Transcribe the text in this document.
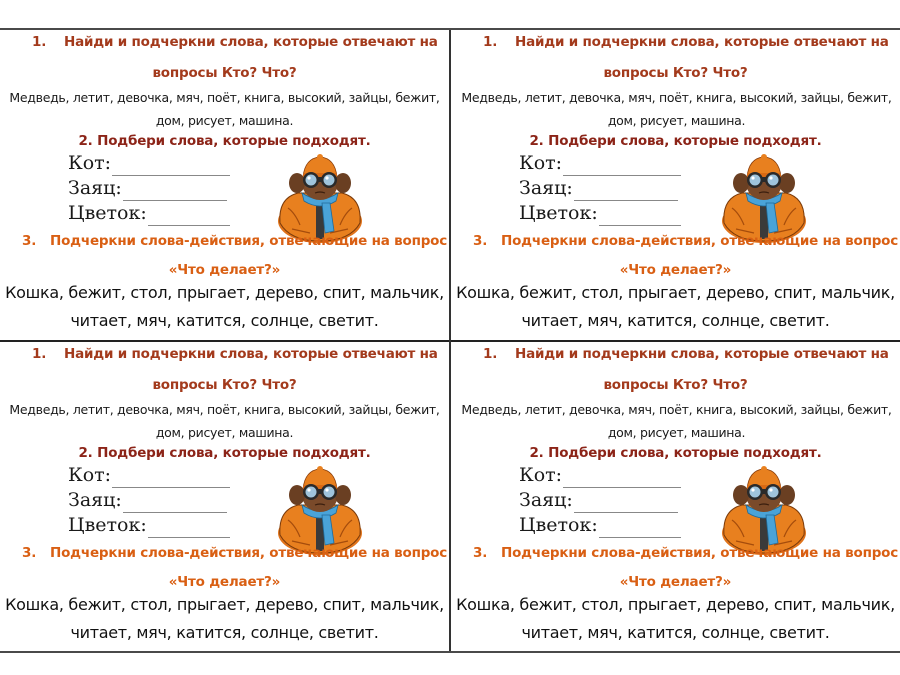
1. Найди и подчеркни слова, которые отвечают на
вопросы Кто? Что?
Медведь, летит, девочка, мяч, поёт, книга, высокий, зайцы, бежит,
дом, рисует, машина.
2. Подбери слова, которые подходят.
Кот:
Заяц:
Цветок:
3. Подчеркни слова-действия, отвечающие на вопрос
«Что делает?»
Кошка, бежит, стол, прыгает, дерево, спит, мальчик,
читает, мяч, катится, солнце, светит.
1. Найди и подчеркни слова, которые отвечают на
вопросы Кто? Что?
Медведь, летит, девочка, мяч, поёт, книга, высокий, зайцы, бежит,
дом, рисует, машина.
2. Подбери слова, которые подходят.
Кот:
Заяц:
Цветок:
3. Подчеркни слова-действия, отвечающие на вопрос
«Что делает?»
Кошка, бежит, стол, прыгает, дерево, спит, мальчик,
читает, мяч, катится, солнце, светит.
1. Найди и подчеркни слова, которые отвечают на
вопросы Кто? Что?
Медведь, летит, девочка, мяч, поёт, книга, высокий, зайцы, бежит,
дом, рисует, машина.
2. Подбери слова, которые подходят.
Кот:
Заяц:
Цветок:
3. Подчеркни слова-действия, отвечающие на вопрос
«Что делает?»
Кошка, бежит, стол, прыгает, дерево, спит, мальчик,
читает, мяч, катится, солнце, светит.
1. Найди и подчеркни слова, которые отвечают на
вопросы Кто? Что?
Медведь, летит, девочка, мяч, поёт, книга, высокий, зайцы, бежит,
дом, рисует, машина.
2. Подбери слова, которые подходят.
Кот:
Заяц:
Цветок:
3. Подчеркни слова-действия, отвечающие на вопрос
«Что делает?»
Кошка, бежит, стол, прыгает, дерево, спит, мальчик,
читает, мяч, катится, солнце, светит.
